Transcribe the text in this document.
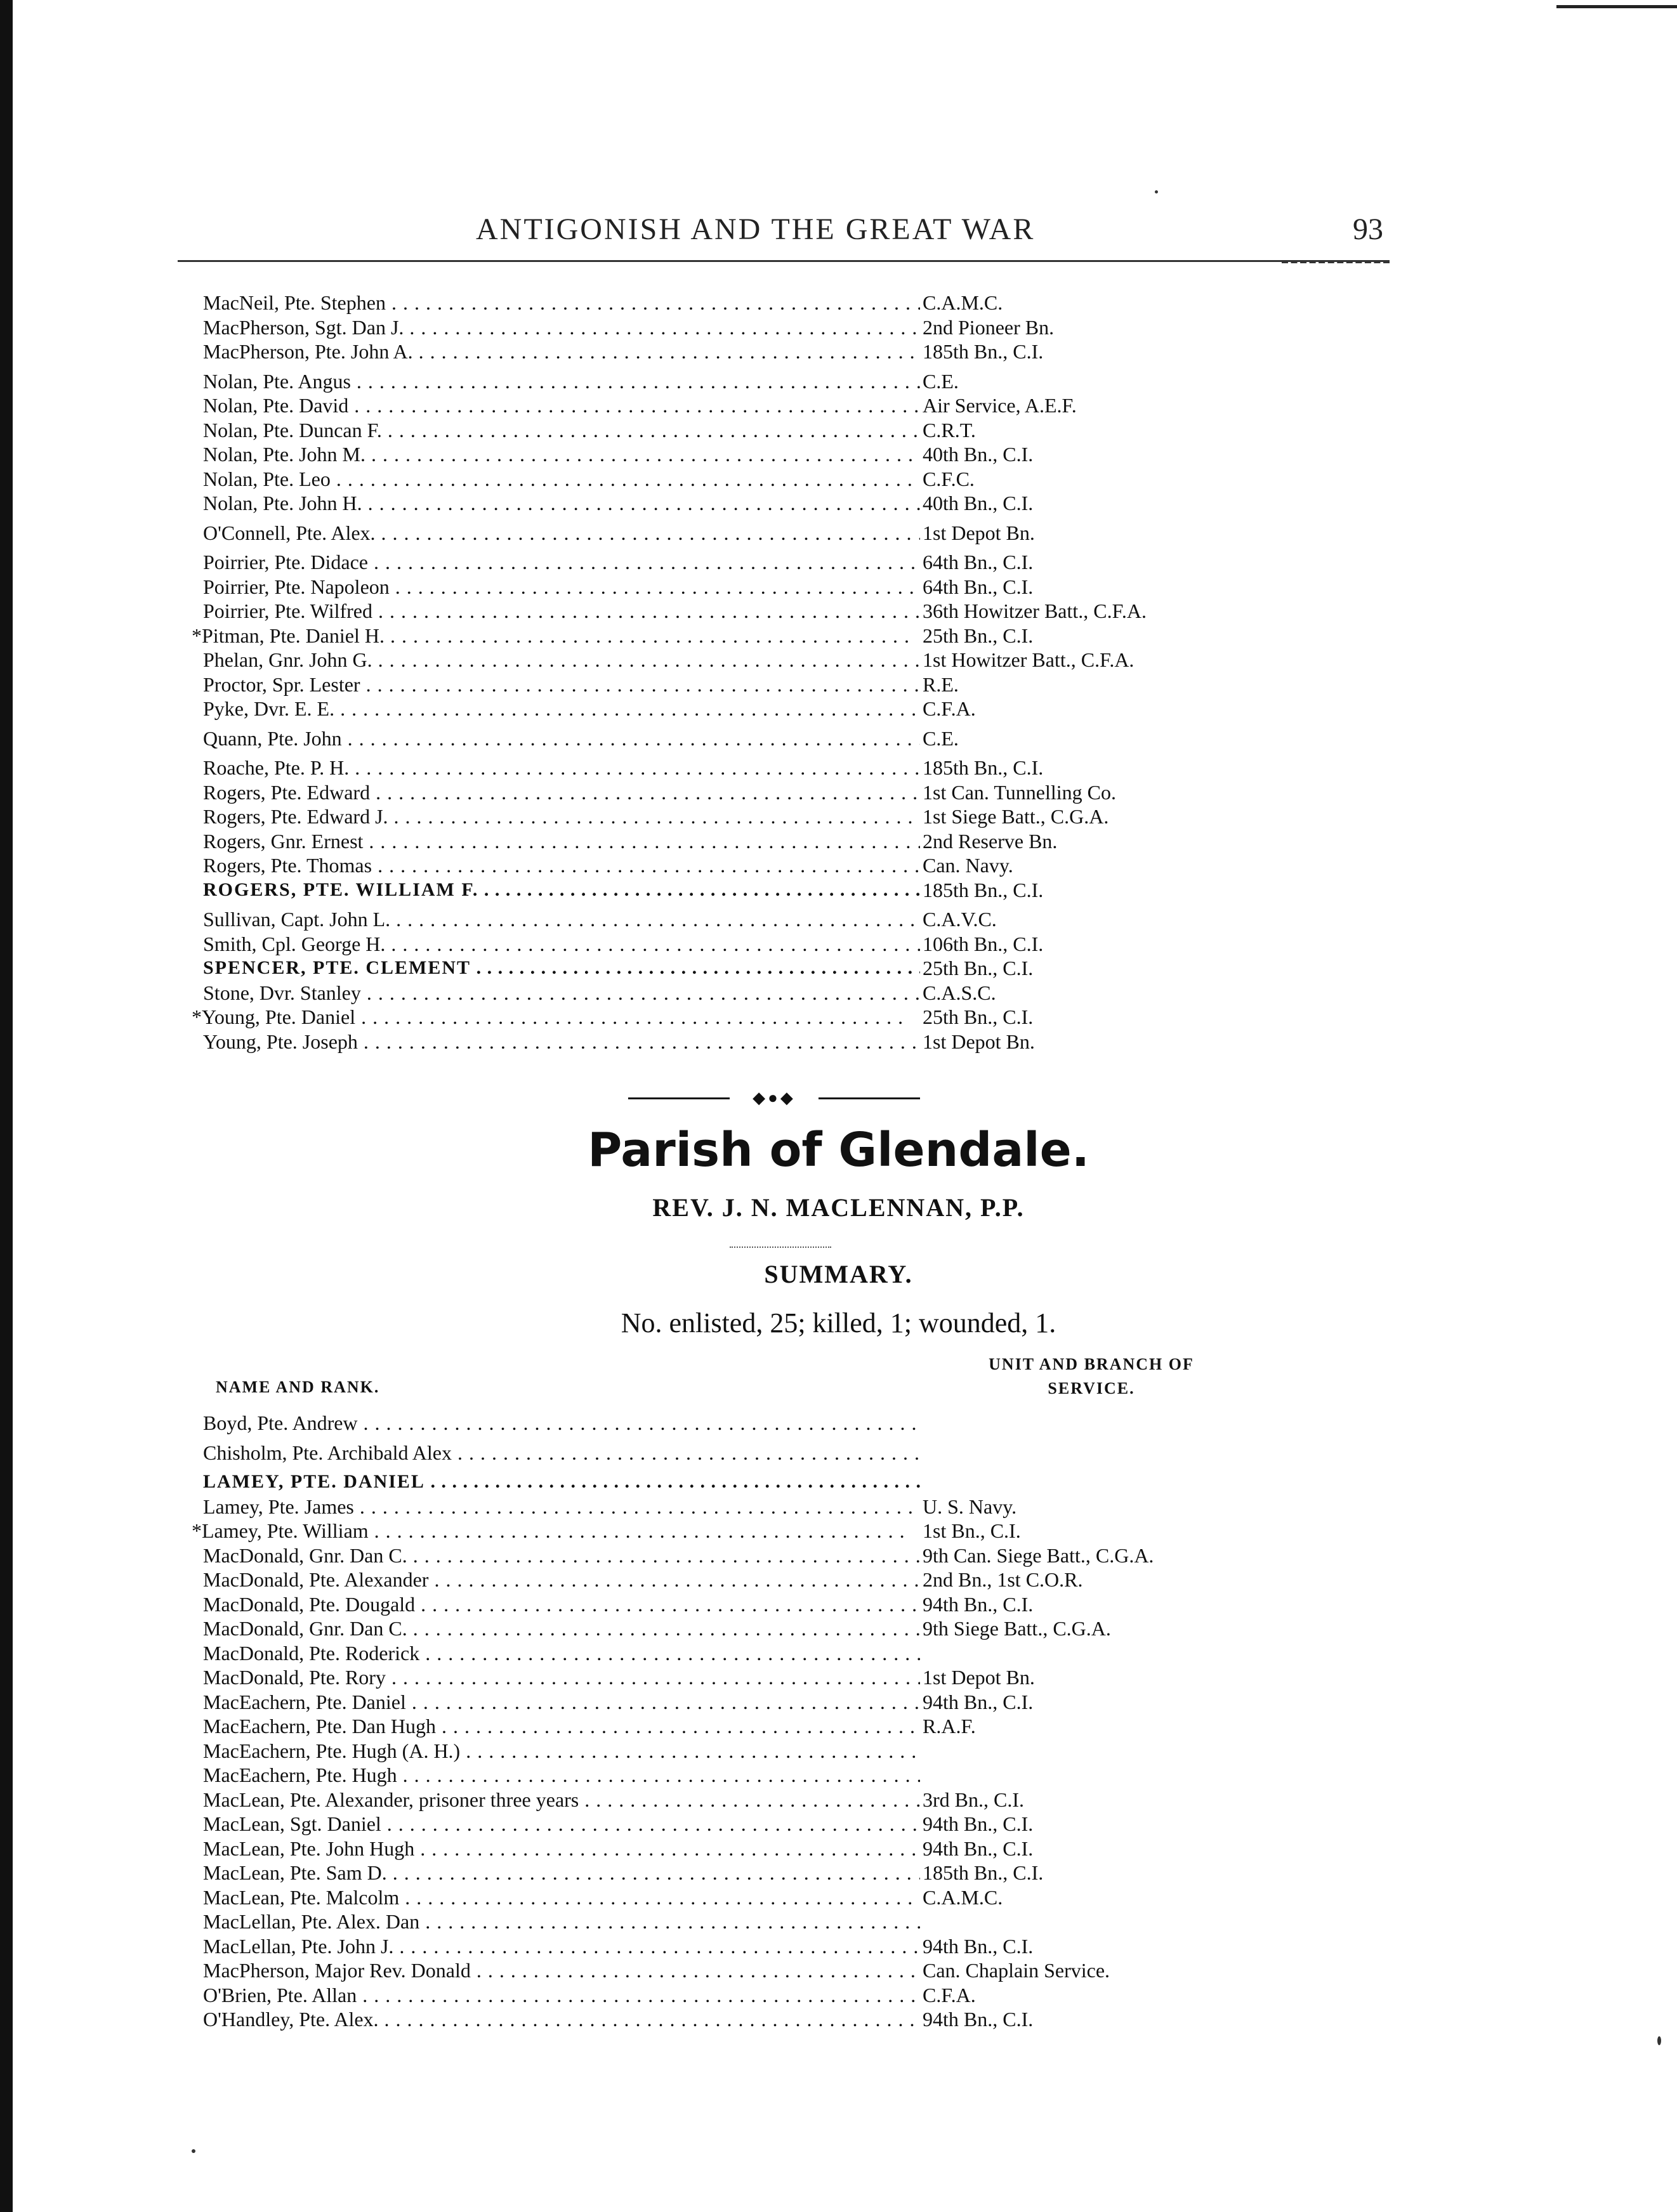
ANTIGONISH AND THE GREAT WAR	93
MacNeil, Pte. Stephen . . .	C.A.M.C.
MacPherson, Sgt. Dan J. . . .	2nd Pioneer Bn.
MacPherson, Pte. John A. . . .	185th Bn., C.I.
Nolan, Pte. Angus . . .	C.E.
Nolan, Pte. David . . .	Air Service, A.E.F.
Nolan, Pte. Duncan F. . . .	C.R.T.
Nolan, Pte. John M. . . .	40th Bn., C.I.
Nolan, Pte. Leo . . .	C.F.C.
Nolan, Pte. John H. . . .	40th Bn., C.I.
O'Connell, Pte. Alex. . . .	1st Depot Bn.
Poirrier, Pte. Didace . . .	64th Bn., C.I.
Poirrier, Pte. Napoleon . . .	64th Bn., C.I.
Poirrier, Pte. Wilfred . . .	36th Howitzer Batt., C.F.A.
*Pitman, Pte. Daniel H. . . .	25th Bn., C.I.
Phelan, Gnr. John G. . . .	1st Howitzer Batt., C.F.A.
Proctor, Spr. Lester . . .	R.E.
Pyke, Dvr. E. E. . . .	C.F.A.
Quann, Pte. John . . .	C.E.
Roache, Pte. P. H. . . .	185th Bn., C.I.
Rogers, Pte. Edward . . .	1st Can. Tunnelling Co.
Rogers, Pte. Edward J. . . .	1st Siege Batt., C.G.A.
Rogers, Gnr. Ernest . . .	2nd Reserve Bn.
Rogers, Pte. Thomas . . .	Can. Navy.
ROGERS, PTE. WILLIAM F. . . .	185th Bn., C.I.
Sullivan, Capt. John L. . . .	C.A.V.C.
Smith, Cpl. George H. . . .	106th Bn., C.I.
SPENCER, PTE. CLEMENT . . .	25th Bn., C.I.
Stone, Dvr. Stanley . . .	C.A.S.C.
*Young, Pte. Daniel . . .	25th Bn., C.I.
Young, Pte. Joseph . . .	1st Depot Bn.
◆●◆
Parish of Glendale.
REV. J. N. MACLENNAN, P.P.
SUMMARY.
No. enlisted, 25; killed, 1; wounded, 1.
NAME AND RANK.
UNIT AND BRANCH OF
SERVICE.
Boyd, Pte. Andrew . . .
Chisholm, Pte. Archibald Alex . . .
LAMEY, PTE. DANIEL . . .
Lamey, Pte. James . . .	U. S. Navy.
*Lamey, Pte. William . . .	1st Bn., C.I.
MacDonald, Gnr. Dan C. . . .	9th Can. Siege Batt., C.G.A.
MacDonald, Pte. Alexander . . .	2nd Bn., 1st C.O.R.
MacDonald, Pte. Dougald . . .	94th Bn., C.I.
MacDonald, Gnr. Dan C. . . .	9th Siege Batt., C.G.A.
MacDonald, Pte. Roderick . . .
MacDonald, Pte. Rory . . .	1st Depot Bn.
MacEachern, Pte. Daniel . . .	94th Bn., C.I.
MacEachern, Pte. Dan Hugh . . .	R.A.F.
MacEachern, Pte. Hugh (A. H.) . . .
MacEachern, Pte. Hugh . . .
MacLean, Pte. Alexander, prisoner three years . . .	3rd Bn., C.I.
MacLean, Sgt. Daniel . . .	94th Bn., C.I.
MacLean, Pte. John Hugh . . .	94th Bn., C.I.
MacLean, Pte. Sam D. . . .	185th Bn., C.I.
MacLean, Pte. Malcolm . . .	C.A.M.C.
MacLellan, Pte. Alex. Dan . . .
MacLellan, Pte. John J. . . .	94th Bn., C.I.
MacPherson, Major Rev. Donald . . .	Can. Chaplain Service.
O'Brien, Pte. Allan . . .	C.F.A.
O'Handley, Pte. Alex. . . .	94th Bn., C.I.
